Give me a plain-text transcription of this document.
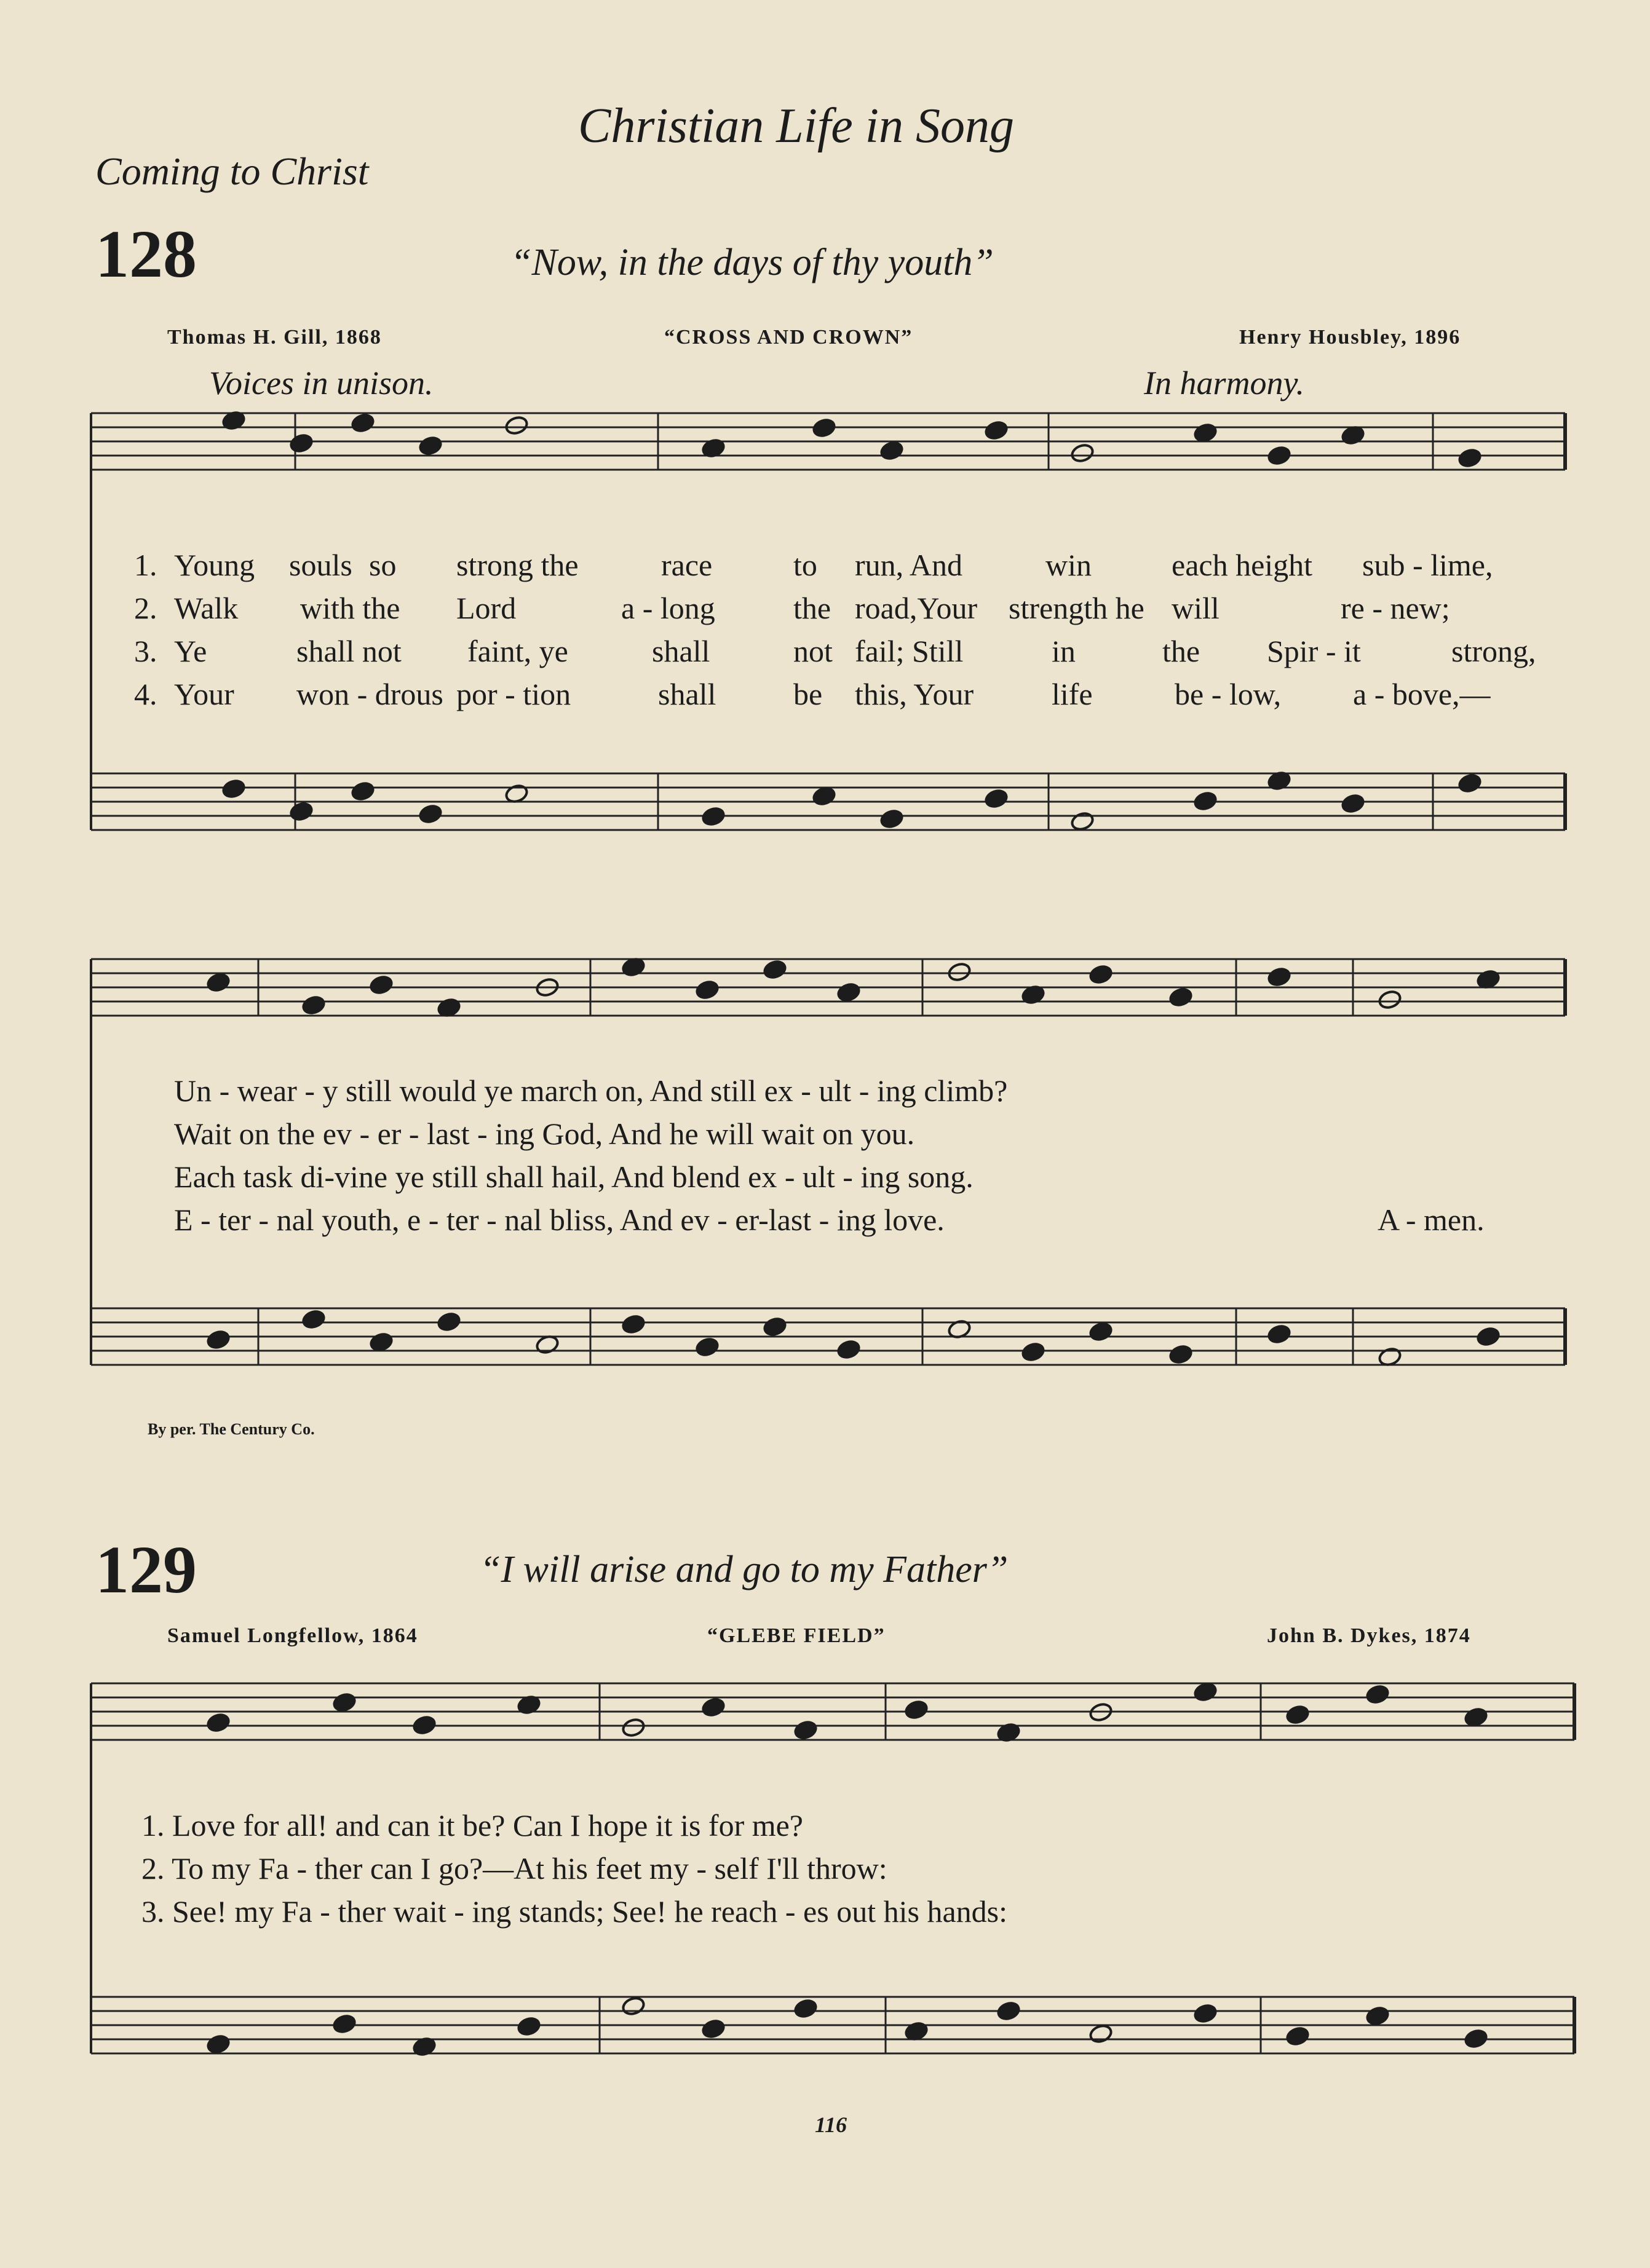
Christian Life in Song
Coming to Christ
128	“Now, in the days of thy youth”
Thomas H. Gill, 1868	“CROSS AND CROWN”	Henry Housbley, 1896
Voices in unison.	In harmony.
1. Young souls so strong the	race	to run, And	win	each height sub - lime,
2. Walk with the Lord	a - long	the road,Your strength he will	re - new;
3. Ye	shall not faint, ye	shall	not fail; Still	in	the Spir - it	strong,
4. Your won - drous por - tion	shall	be this, Your	life	be - low, a - bove,—
Un - wear - y still would ye march on, And still ex - ult - ing climb?
Wait on the ev - er - last - ing God, And he will wait on you.
Each task di-vine ye still shall hail, And blend ex - ult - ing song.
E - ter - nal youth, e - ter - nal bliss, And ev - er-last - ing love.	A - men.
By per. The Century Co.
129	“I will arise and go to my Father”
Samuel Longfellow, 1864	“GLEBE FIELD”	John B. Dykes, 1874
1. Love for all! and can it be? Can I hope it is for me?
2. To my Fa - ther can I go?—At his feet my - self I'll throw:
3. See! my Fa - ther wait - ing stands; See! he reach - es out his hands:
116
